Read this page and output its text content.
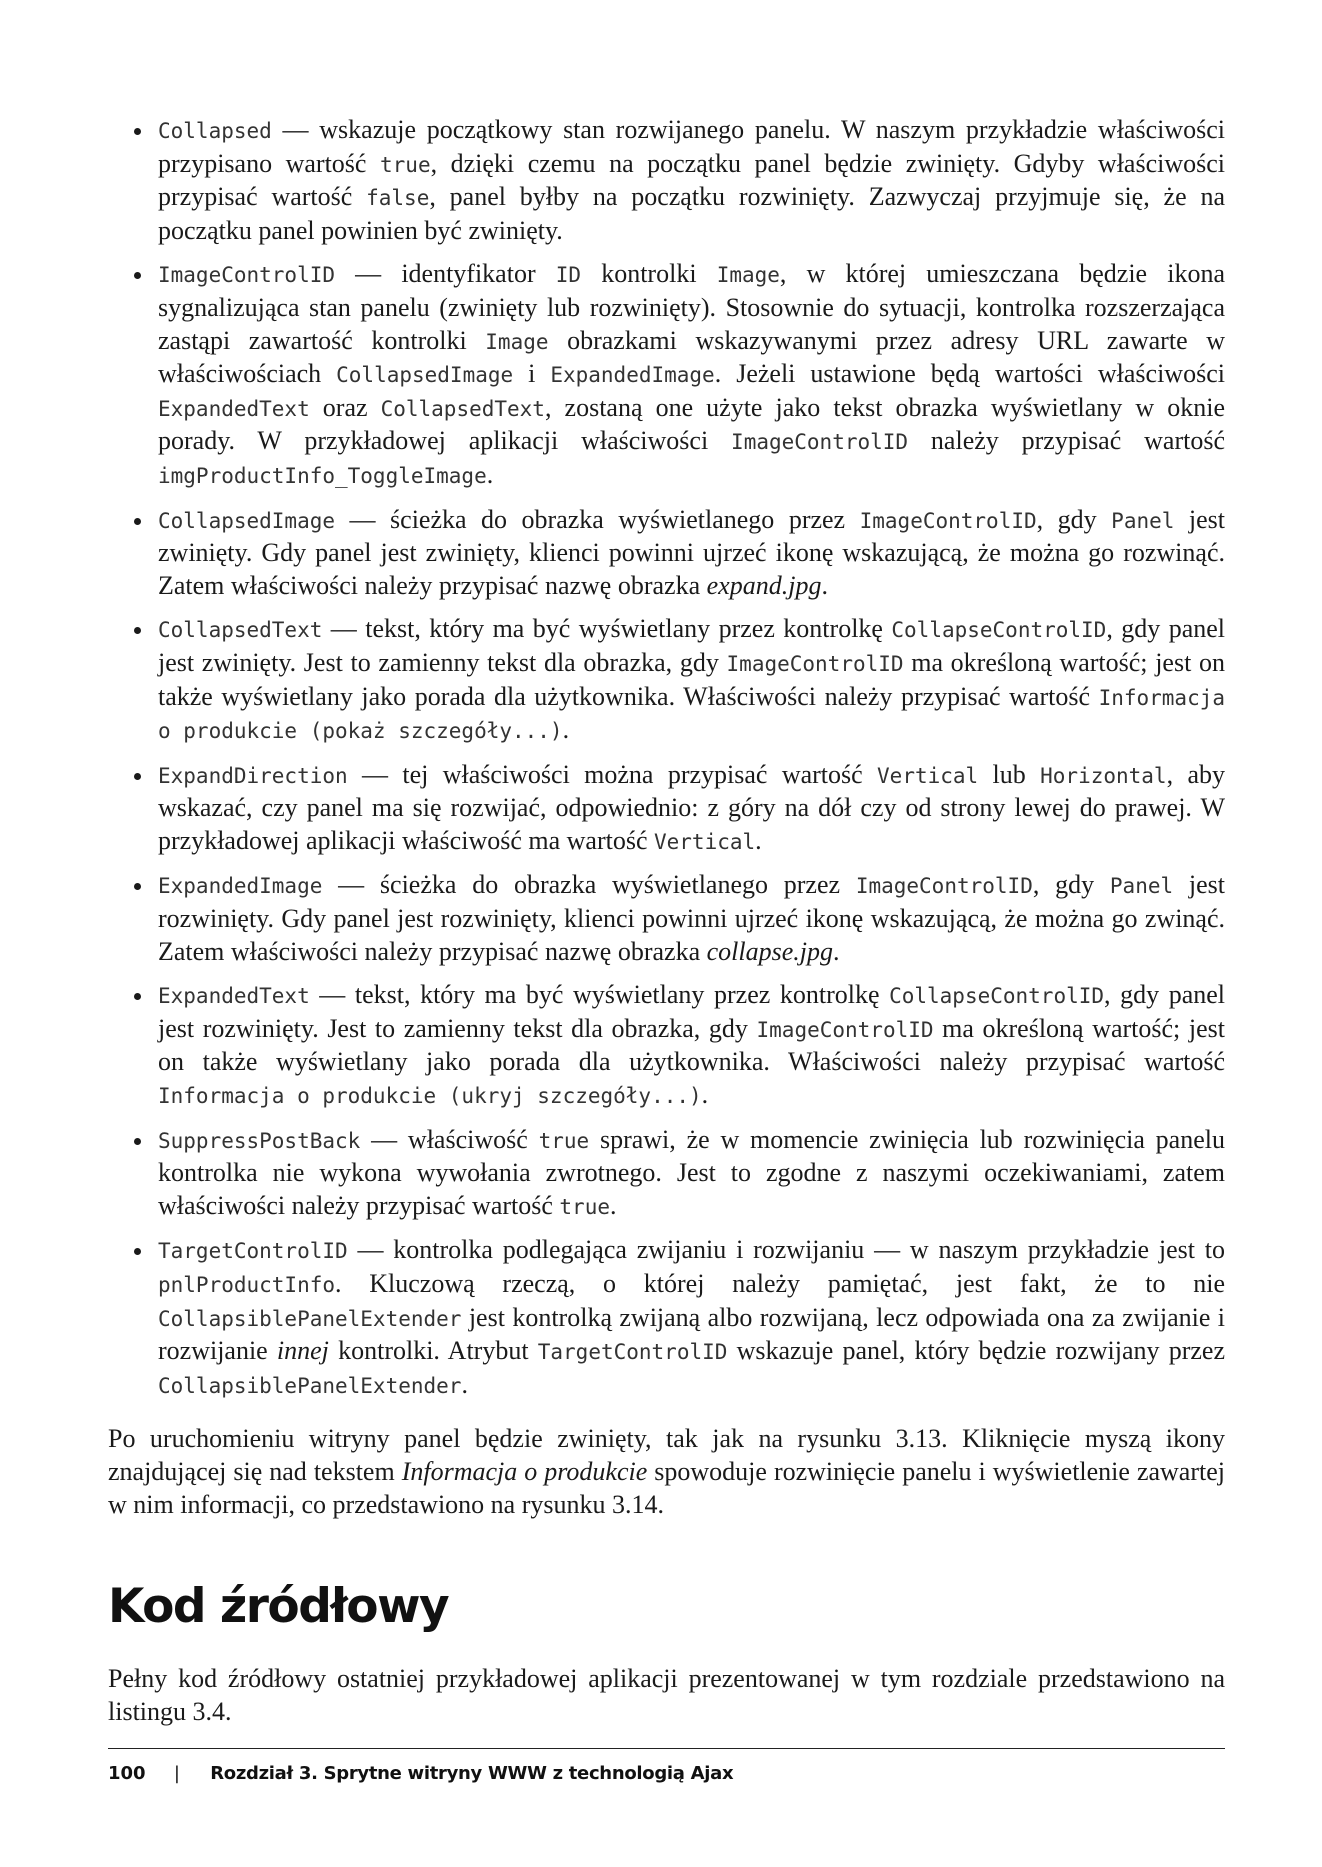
Collapsed — wskazuje początkowy stan rozwijanego panelu. W naszym przykładzie właściwości przypisano wartość true, dzięki czemu na początku panel będzie zwinięty. Gdyby właściwości przypisać wartość false, panel byłby na początku rozwinięty. Zazwyczaj przyjmuje się, że na początku panel powinien być zwinięty.
ImageControlID — identyfikator ID kontrolki Image, w której umieszczana będzie ikona sygnalizująca stan panelu (zwinięty lub rozwinięty). Stosownie do sytuacji, kontrolka rozszerzająca zastąpi zawartość kontrolki Image obrazkami wskazywanymi przez adresy URL zawarte w właściwościach CollapsedImage i ExpandedImage. Jeżeli ustawione będą wartości właściwości ExpandedText oraz CollapsedText, zostaną one użyte jako tekst obrazka wyświetlany w oknie porady. W przykładowej aplikacji właściwości ImageControlID należy przypisać wartość imgProductInfo_ToggleImage.
CollapsedImage — ścieżka do obrazka wyświetlanego przez ImageControlID, gdy Panel jest zwinięty. Gdy panel jest zwinięty, klienci powinni ujrzeć ikonę wskazującą, że można go rozwinąć. Zatem właściwości należy przypisać nazwę obrazka expand.jpg.
CollapsedText — tekst, który ma być wyświetlany przez kontrolkę CollapseControlID, gdy panel jest zwinięty. Jest to zamienny tekst dla obrazka, gdy ImageControlID ma określoną wartość; jest on także wyświetlany jako porada dla użytkownika. Właściwości należy przypisać wartość Informacja o produkcie (pokaż szczegóły...).
ExpandDirection — tej właściwości można przypisać wartość Vertical lub Horizontal, aby wskazać, czy panel ma się rozwijać, odpowiednio: z góry na dół czy od strony lewej do prawej. W przykładowej aplikacji właściwość ma wartość Vertical.
ExpandedImage — ścieżka do obrazka wyświetlanego przez ImageControlID, gdy Panel jest rozwinięty. Gdy panel jest rozwinięty, klienci powinni ujrzeć ikonę wskazującą, że można go zwinąć. Zatem właściwości należy przypisać nazwę obrazka collapse.jpg.
ExpandedText — tekst, który ma być wyświetlany przez kontrolkę CollapseControlID, gdy panel jest rozwinięty. Jest to zamienny tekst dla obrazka, gdy ImageControlID ma określoną wartość; jest on także wyświetlany jako porada dla użytkownika. Właściwości należy przypisać wartość Informacja o produkcie (ukryj szczegóły...).
SuppressPostBack — właściwość true sprawi, że w momencie zwinięcia lub rozwinięcia panelu kontrolka nie wykona wywołania zwrotnego. Jest to zgodne z naszymi oczekiwaniami, zatem właściwości należy przypisać wartość true.
TargetControlID — kontrolka podlegająca zwijaniu i rozwijaniu — w naszym przykładzie jest to pnlProductInfo. Kluczową rzeczą, o której należy pamiętać, jest fakt, że to nie CollapsiblePanelExtender jest kontrolką zwijaną albo rozwijaną, lecz odpowiada ona za zwijanie i rozwijanie innej kontrolki. Atrybut TargetControlID wskazuje panel, który będzie rozwijany przez CollapsiblePanelExtender.

Po uruchomieniu witryny panel będzie zwinięty, tak jak na rysunku 3.13. Kliknięcie myszą ikony znajdującej się nad tekstem Informacja o produkcie spowoduje rozwinięcie panelu i wyświetlenie zawartej w nim informacji, co przedstawiono na rysunku 3.14.

Kod źródłowy

Pełny kod źródłowy ostatniej przykładowej aplikacji prezentowanej w tym rozdziale przedstawiono na listingu 3.4.

100 | Rozdział 3. Sprytne witryny WWW z technologią Ajax
